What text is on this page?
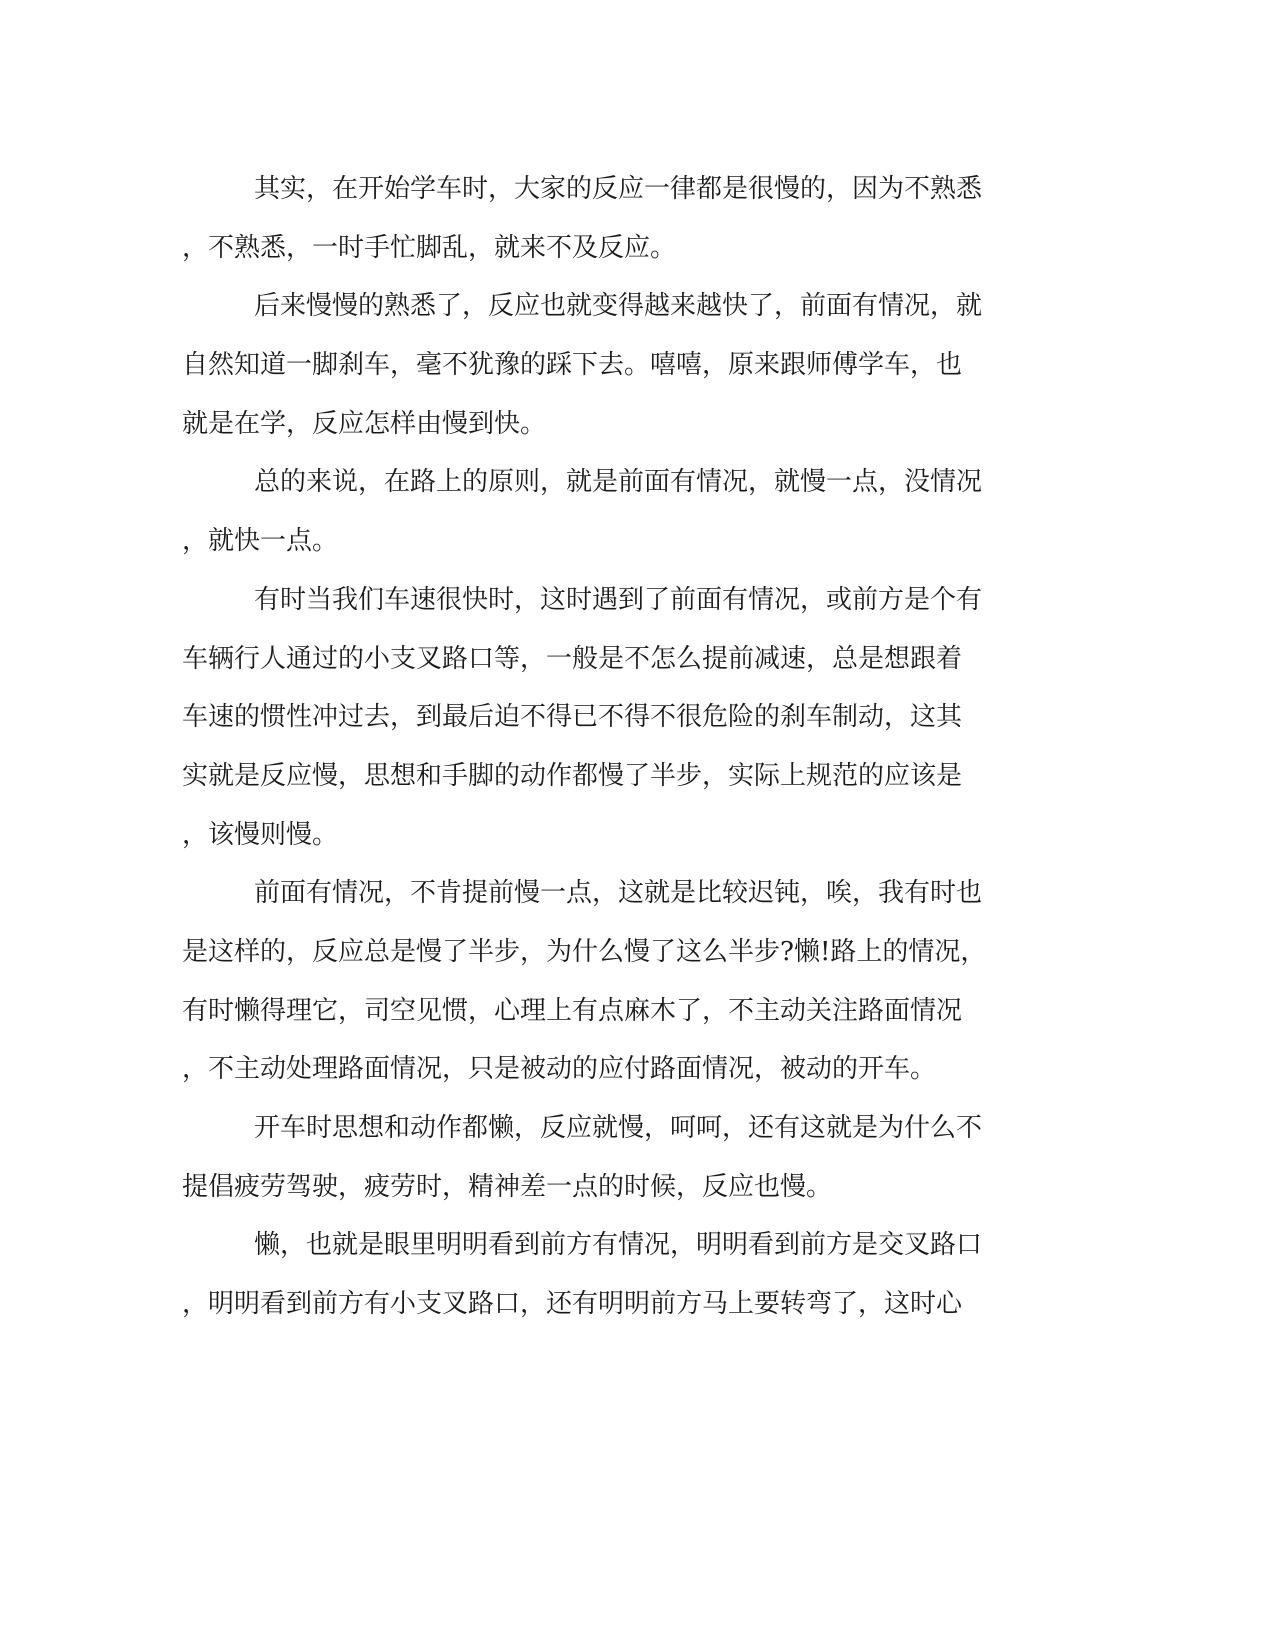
其实，在开始学车时，大家的反应一律都是很慢的，因为不熟悉
，不熟悉，一时手忙脚乱，就来不及反应。
后来慢慢的熟悉了，反应也就变得越来越快了，前面有情况，就
自然知道一脚刹车，毫不犹豫的踩下去。嘻嘻，原来跟师傅学车，也
就是在学，反应怎样由慢到快。
总的来说，在路上的原则，就是前面有情况，就慢一点，没情况
，就快一点。
有时当我们车速很快时，这时遇到了前面有情况，或前方是个有
车辆行人通过的小支叉路口等，一般是不怎么提前减速，总是想跟着
车速的惯性冲过去，到最后迫不得已不得不很危险的刹车制动，这其
实就是反应慢，思想和手脚的动作都慢了半步，实际上规范的应该是
，该慢则慢。
前面有情况，不肯提前慢一点，这就是比较迟钝，唉，我有时也
是这样的，反应总是慢了半步，为什么慢了这么半步?懒!路上的情况，
有时懒得理它，司空见惯，心理上有点麻木了，不主动关注路面情况
，不主动处理路面情况，只是被动的应付路面情况，被动的开车。
开车时思想和动作都懒，反应就慢，呵呵，还有这就是为什么不
提倡疲劳驾驶，疲劳时，精神差一点的时候，反应也慢。
懒，也就是眼里明明看到前方有情况，明明看到前方是交叉路口
，明明看到前方有小支叉路口，还有明明前方马上要转弯了，这时心
